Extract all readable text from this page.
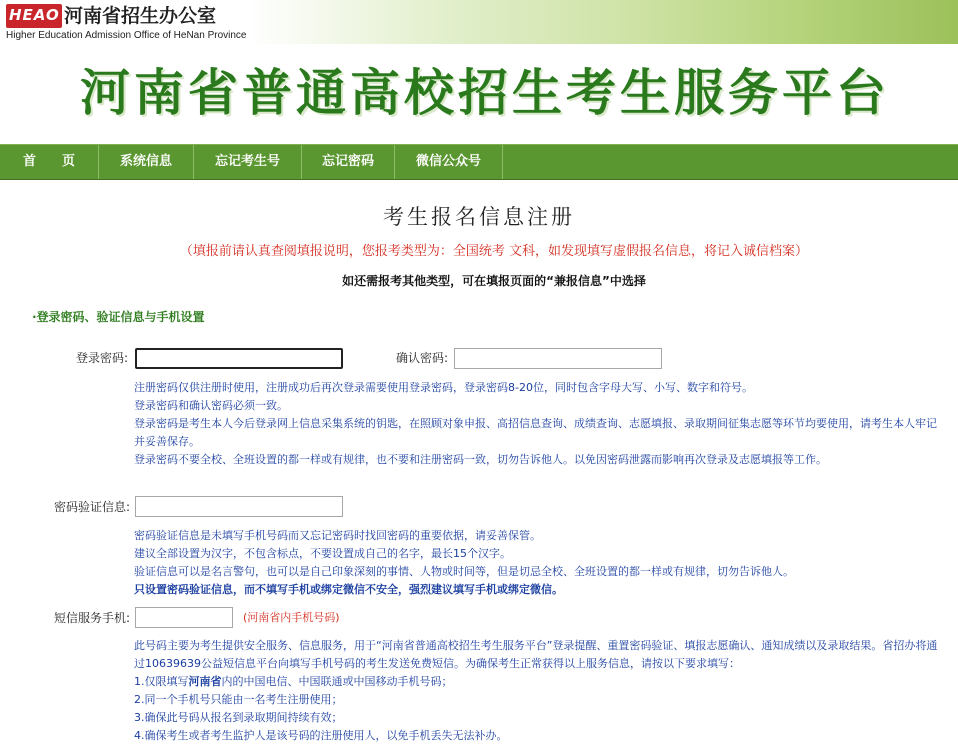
HEAO 河南省招生办公室
Higher Education Admission Office of HeNan Province
河南省普通高校招生考生服务平台
首　　页	系统信息	忘记考生号	忘记密码	微信公众号
考生报名信息注册
（填报前请认真查阅填报说明，您报考类型为：全国统考 文科，如发现填写虚假报名信息，将记入诚信档案）
如还需报考其他类型，可在填报页面的“兼报信息”中选择
·登录密码、验证信息与手机设置
登录密码:	确认密码:

注册密码仅供注册时使用，注册成功后再次登录需要使用登录密码，登录密码8-20位，同时包含字母大写、小写、数字和符号。

登录密码和确认密码必须一致。

登录密码是考生本人今后登录网上信息采集系统的钥匙，在照顾对象申报、高招信息查询、成绩查询、志愿填报、录取期间征集志愿等环节均要使用，请考生本人牢记并妥善保存。

登录密码不要全校、全班设置的都一样或有规律，也不要和注册密码一致，切勿告诉他人。以免因密码泄露而影响再次登录及志愿填报等工作。

密码验证信息:

密码验证信息是未填写手机号码而又忘记密码时找回密码的重要依据，请妥善保管。

建议全部设置为汉字，不包含标点，不要设置成自己的名字，最长15个汉字。

验证信息可以是名言警句，也可以是自己印象深刻的事情、人物或时间等，但是切忌全校、全班设置的都一样或有规律，切勿告诉他人。

只设置密码验证信息，而不填写手机或绑定微信不安全，强烈建议填写手机或绑定微信。

短信服务手机:	(河南省内手机号码)

此号码主要为考生提供安全服务、信息服务，用于“河南省普通高校招生考生服务平台”登录提醒、重置密码验证、填报志愿确认、通知成绩以及录取结果。省招办将通过10639639公益短信息平台向填写手机号码的考生发送免费短信。为确保考生正常获得以上服务信息，请按以下要求填写：

1.仅限填写河南省内的中国电信、中国联通或中国移动手机号码；

2.同一个手机号只能由一名考生注册使用；

3.确保此号码从报名到录取期间持续有效；

4.确保考生或者考生监护人是该号码的注册使用人，以免手机丢失无法补办。
